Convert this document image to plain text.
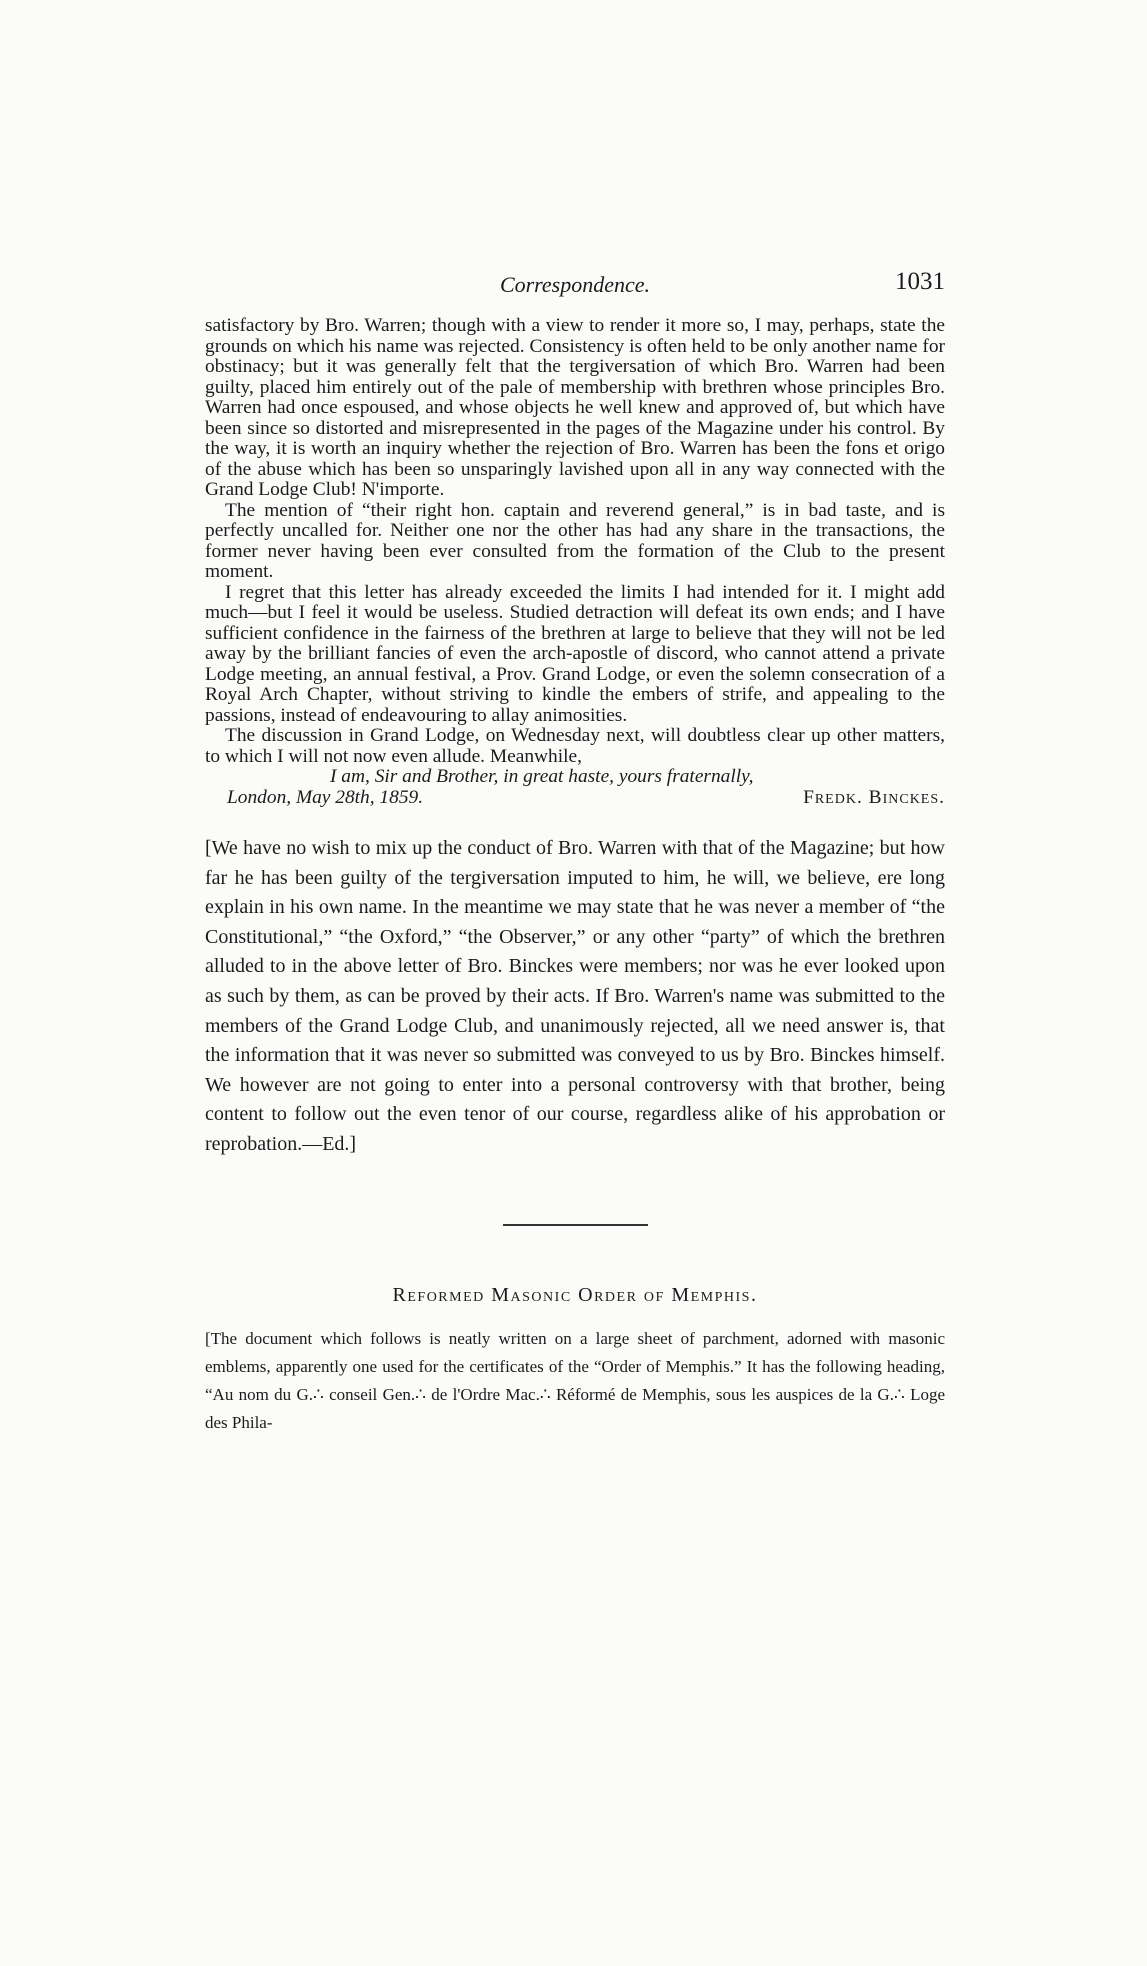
Correspondence.	1031

satisfactory by Bro. Warren; though with a view to render it more so, I may, perhaps, state the grounds on which his name was rejected. Consistency is often held to be only another name for obstinacy; but it was generally felt that the tergiversation of which Bro. Warren had been guilty, placed him entirely out of the pale of membership with brethren whose principles Bro. Warren had once espoused, and whose objects he well knew and approved of, but which have been since so distorted and misrepresented in the pages of the Magazine under his control. By the way, it is worth an inquiry whether the rejection of Bro. Warren has been the fons et origo of the abuse which has been so unsparingly lavished upon all in any way connected with the Grand Lodge Club! N'importe.

The mention of “their right hon. captain and reverend general,” is in bad taste, and is perfectly uncalled for. Neither one nor the other has had any share in the transactions, the former never having been ever consulted from the formation of the Club to the present moment.

I regret that this letter has already exceeded the limits I had intended for it. I might add much—but I feel it would be useless. Studied detraction will defeat its own ends; and I have sufficient confidence in the fairness of the brethren at large to believe that they will not be led away by the brilliant fancies of even the arch-apostle of discord, who cannot attend a private Lodge meeting, an annual festival, a Prov. Grand Lodge, or even the solemn consecration of a Royal Arch Chapter, without striving to kindle the embers of strife, and appealing to the passions, instead of endeavouring to allay animosities.

The discussion in Grand Lodge, on Wednesday next, will doubtless clear up other matters, to which I will not now even allude. Meanwhile,

I am, Sir and Brother, in great haste, yours fraternally,
London, May 28th, 1859.	Fredk. Binckes.
[We have no wish to mix up the conduct of Bro. Warren with that of the Magazine; but how far he has been guilty of the tergiversation imputed to him, he will, we believe, ere long explain in his own name. In the meantime we may state that he was never a member of “the Constitutional,” “the Oxford,” “the Observer,” or any other “party” of which the brethren alluded to in the above letter of Bro. Binckes were members; nor was he ever looked upon as such by them, as can be proved by their acts. If Bro. Warren's name was submitted to the members of the Grand Lodge Club, and unanimously rejected, all we need answer is, that the information that it was never so submitted was conveyed to us by Bro. Binckes himself. We however are not going to enter into a personal controversy with that brother, being content to follow out the even tenor of our course, regardless alike of his approbation or reprobation.—Ed.]
Reformed Masonic Order of Memphis.
[The document which follows is neatly written on a large sheet of parchment, adorned with masonic emblems, apparently one used for the certificates of the “Order of Memphis.” It has the following heading, “Au nom du G.∴ conseil Gen.∴ de l'Ordre Mac.∴ Réformé de Memphis, sous les auspices de la G.∴ Loge des Phila-
